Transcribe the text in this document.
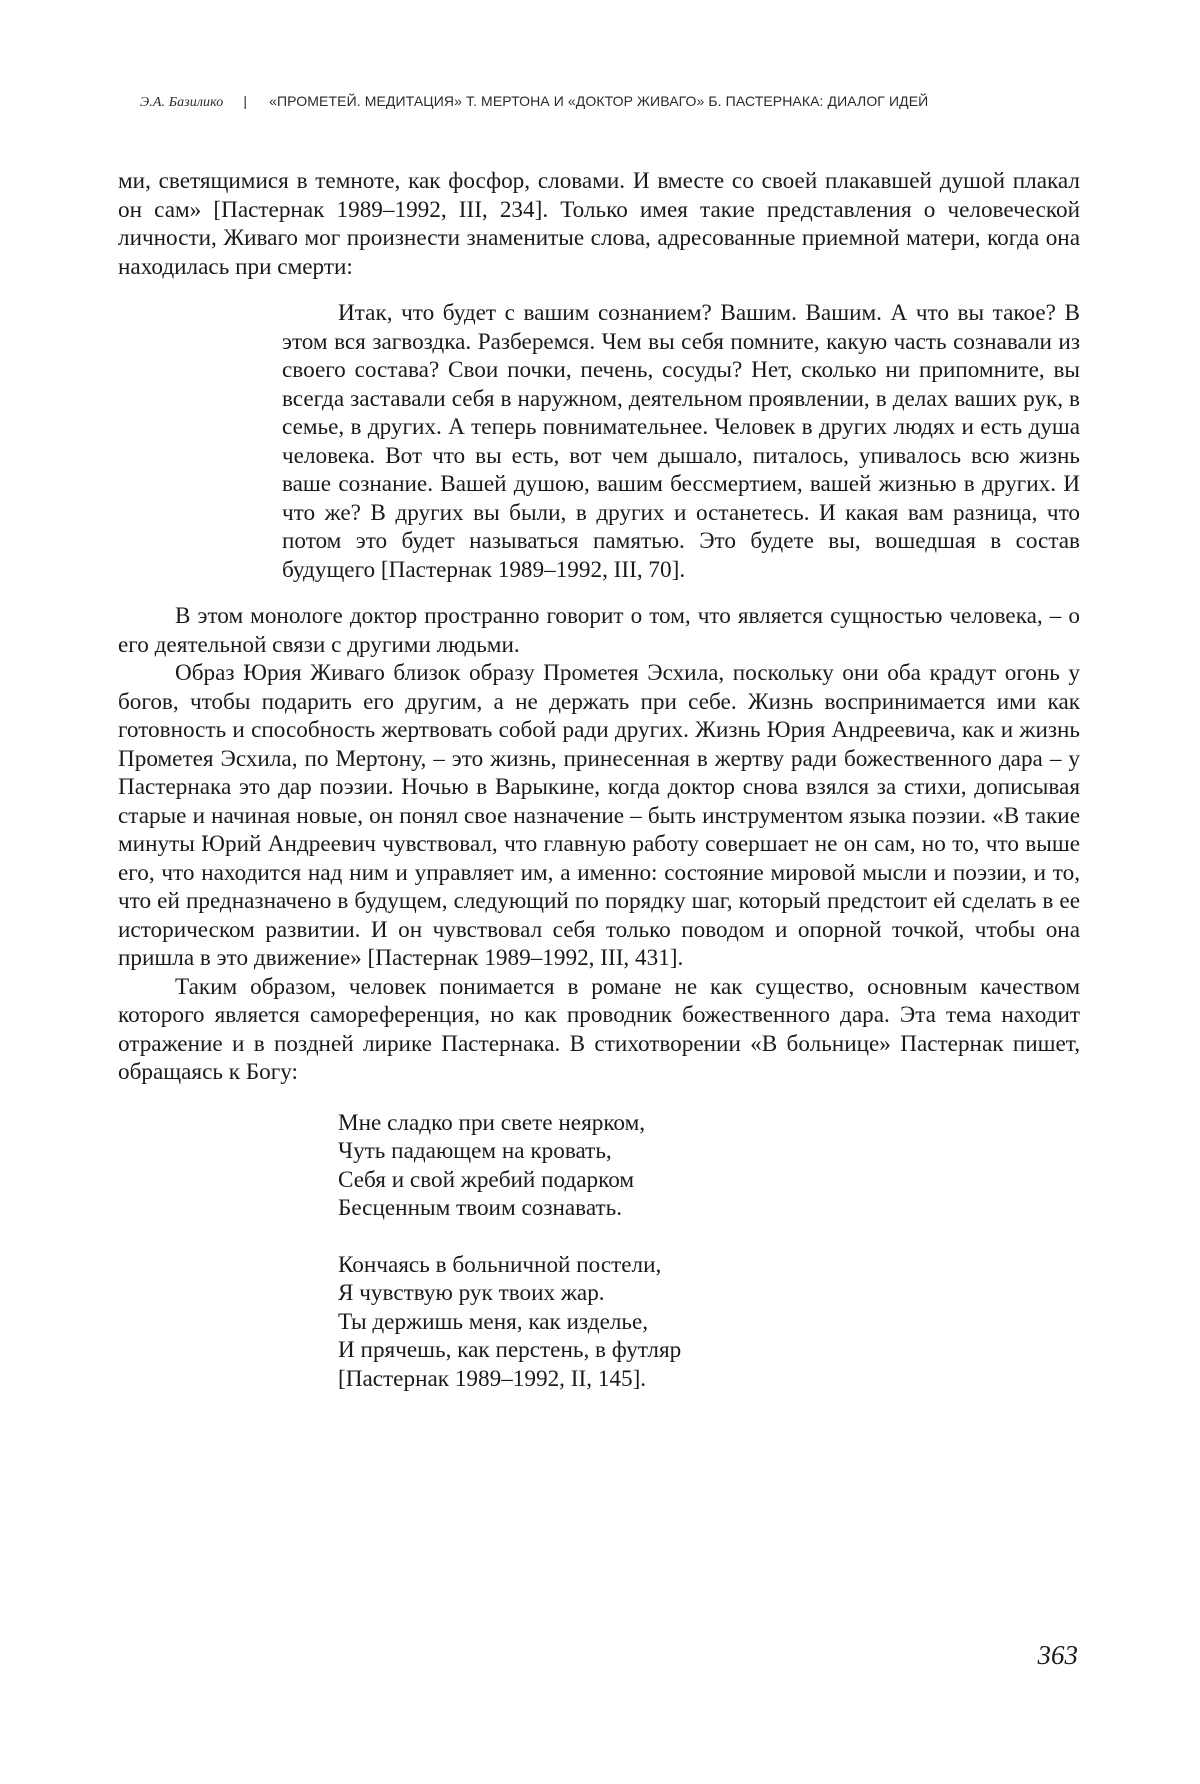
Э.А. Базилико | «ПРОМЕТЕЙ. МЕДИТАЦИЯ» Т. МЕРТОНА И «ДОКТОР ЖИВАГО» Б. ПАСТЕРНАКА: ДИАЛОГ ИДЕЙ

ми, светящимися в темноте, как фосфор, словами. И вместе со своей плакавшей душой плакал он сам» [Пастернак 1989–1992, III, 234]. Только имея такие представления о человеческой личности, Живаго мог произнести знаменитые слова, адресованные приемной матери, когда она находилась при смерти:

Итак, что будет с вашим сознанием? Вашим. Вашим. А что вы такое? В этом вся загвоздка. Разберемся. Чем вы себя помните, какую часть сознавали из своего состава? Свои почки, печень, сосуды? Нет, сколько ни припомните, вы всегда заставали себя в наружном, деятельном проявлении, в делах ваших рук, в семье, в других. А теперь повнимательнее. Человек в других людях и есть душа человека. Вот что вы есть, вот чем дышало, питалось, упивалось всю жизнь ваше сознание. Вашей душою, вашим бессмертием, вашей жизнью в других. И что же? В других вы были, в других и останетесь. И какая вам разница, что потом это будет называться памятью. Это будете вы, вошедшая в состав будущего [Пастернак 1989–1992, III, 70].

В этом монологе доктор пространно говорит о том, что является сущностью человека, – о его деятельной связи с другими людьми.

Образ Юрия Живаго близок образу Прометея Эсхила, поскольку они оба крадут огонь у богов, чтобы подарить его другим, а не держать при себе. Жизнь воспринимается ими как готовность и способность жертвовать собой ради других. Жизнь Юрия Андреевича, как и жизнь Прометея Эсхила, по Мертону, – это жизнь, принесенная в жертву ради божественного дара – у Пастернака это дар поэзии. Ночью в Варыкине, когда доктор снова взялся за стихи, дописывая старые и начиная новые, он понял свое назначение – быть инструментом языка поэзии. «В такие минуты Юрий Андреевич чувствовал, что главную работу совершает не он сам, но то, что выше его, что находится над ним и управляет им, а именно: состояние мировой мысли и поэзии, и то, что ей предназначено в будущем, следующий по порядку шаг, который предстоит ей сделать в ее историческом развитии. И он чувствовал себя только поводом и опорной точкой, чтобы она пришла в это движение» [Пастернак 1989–1992, III, 431].

Таким образом, человек понимается в романе не как существо, основным качеством которого является самореференция, но как проводник божественного дара. Эта тема находит отражение и в поздней лирике Пастернака. В стихотворении «В больнице» Пастернак пишет, обращаясь к Богу:

Мне сладко при свете неярком,
Чуть падающем на кровать,
Себя и свой жребий подарком
Бесценным твоим сознавать.
Кончаясь в больничной постели,
Я чувствую рук твоих жар.
Ты держишь меня, как изделье,
И прячешь, как перстень, в футляр
[Пастернак 1989–1992, II, 145].
363
